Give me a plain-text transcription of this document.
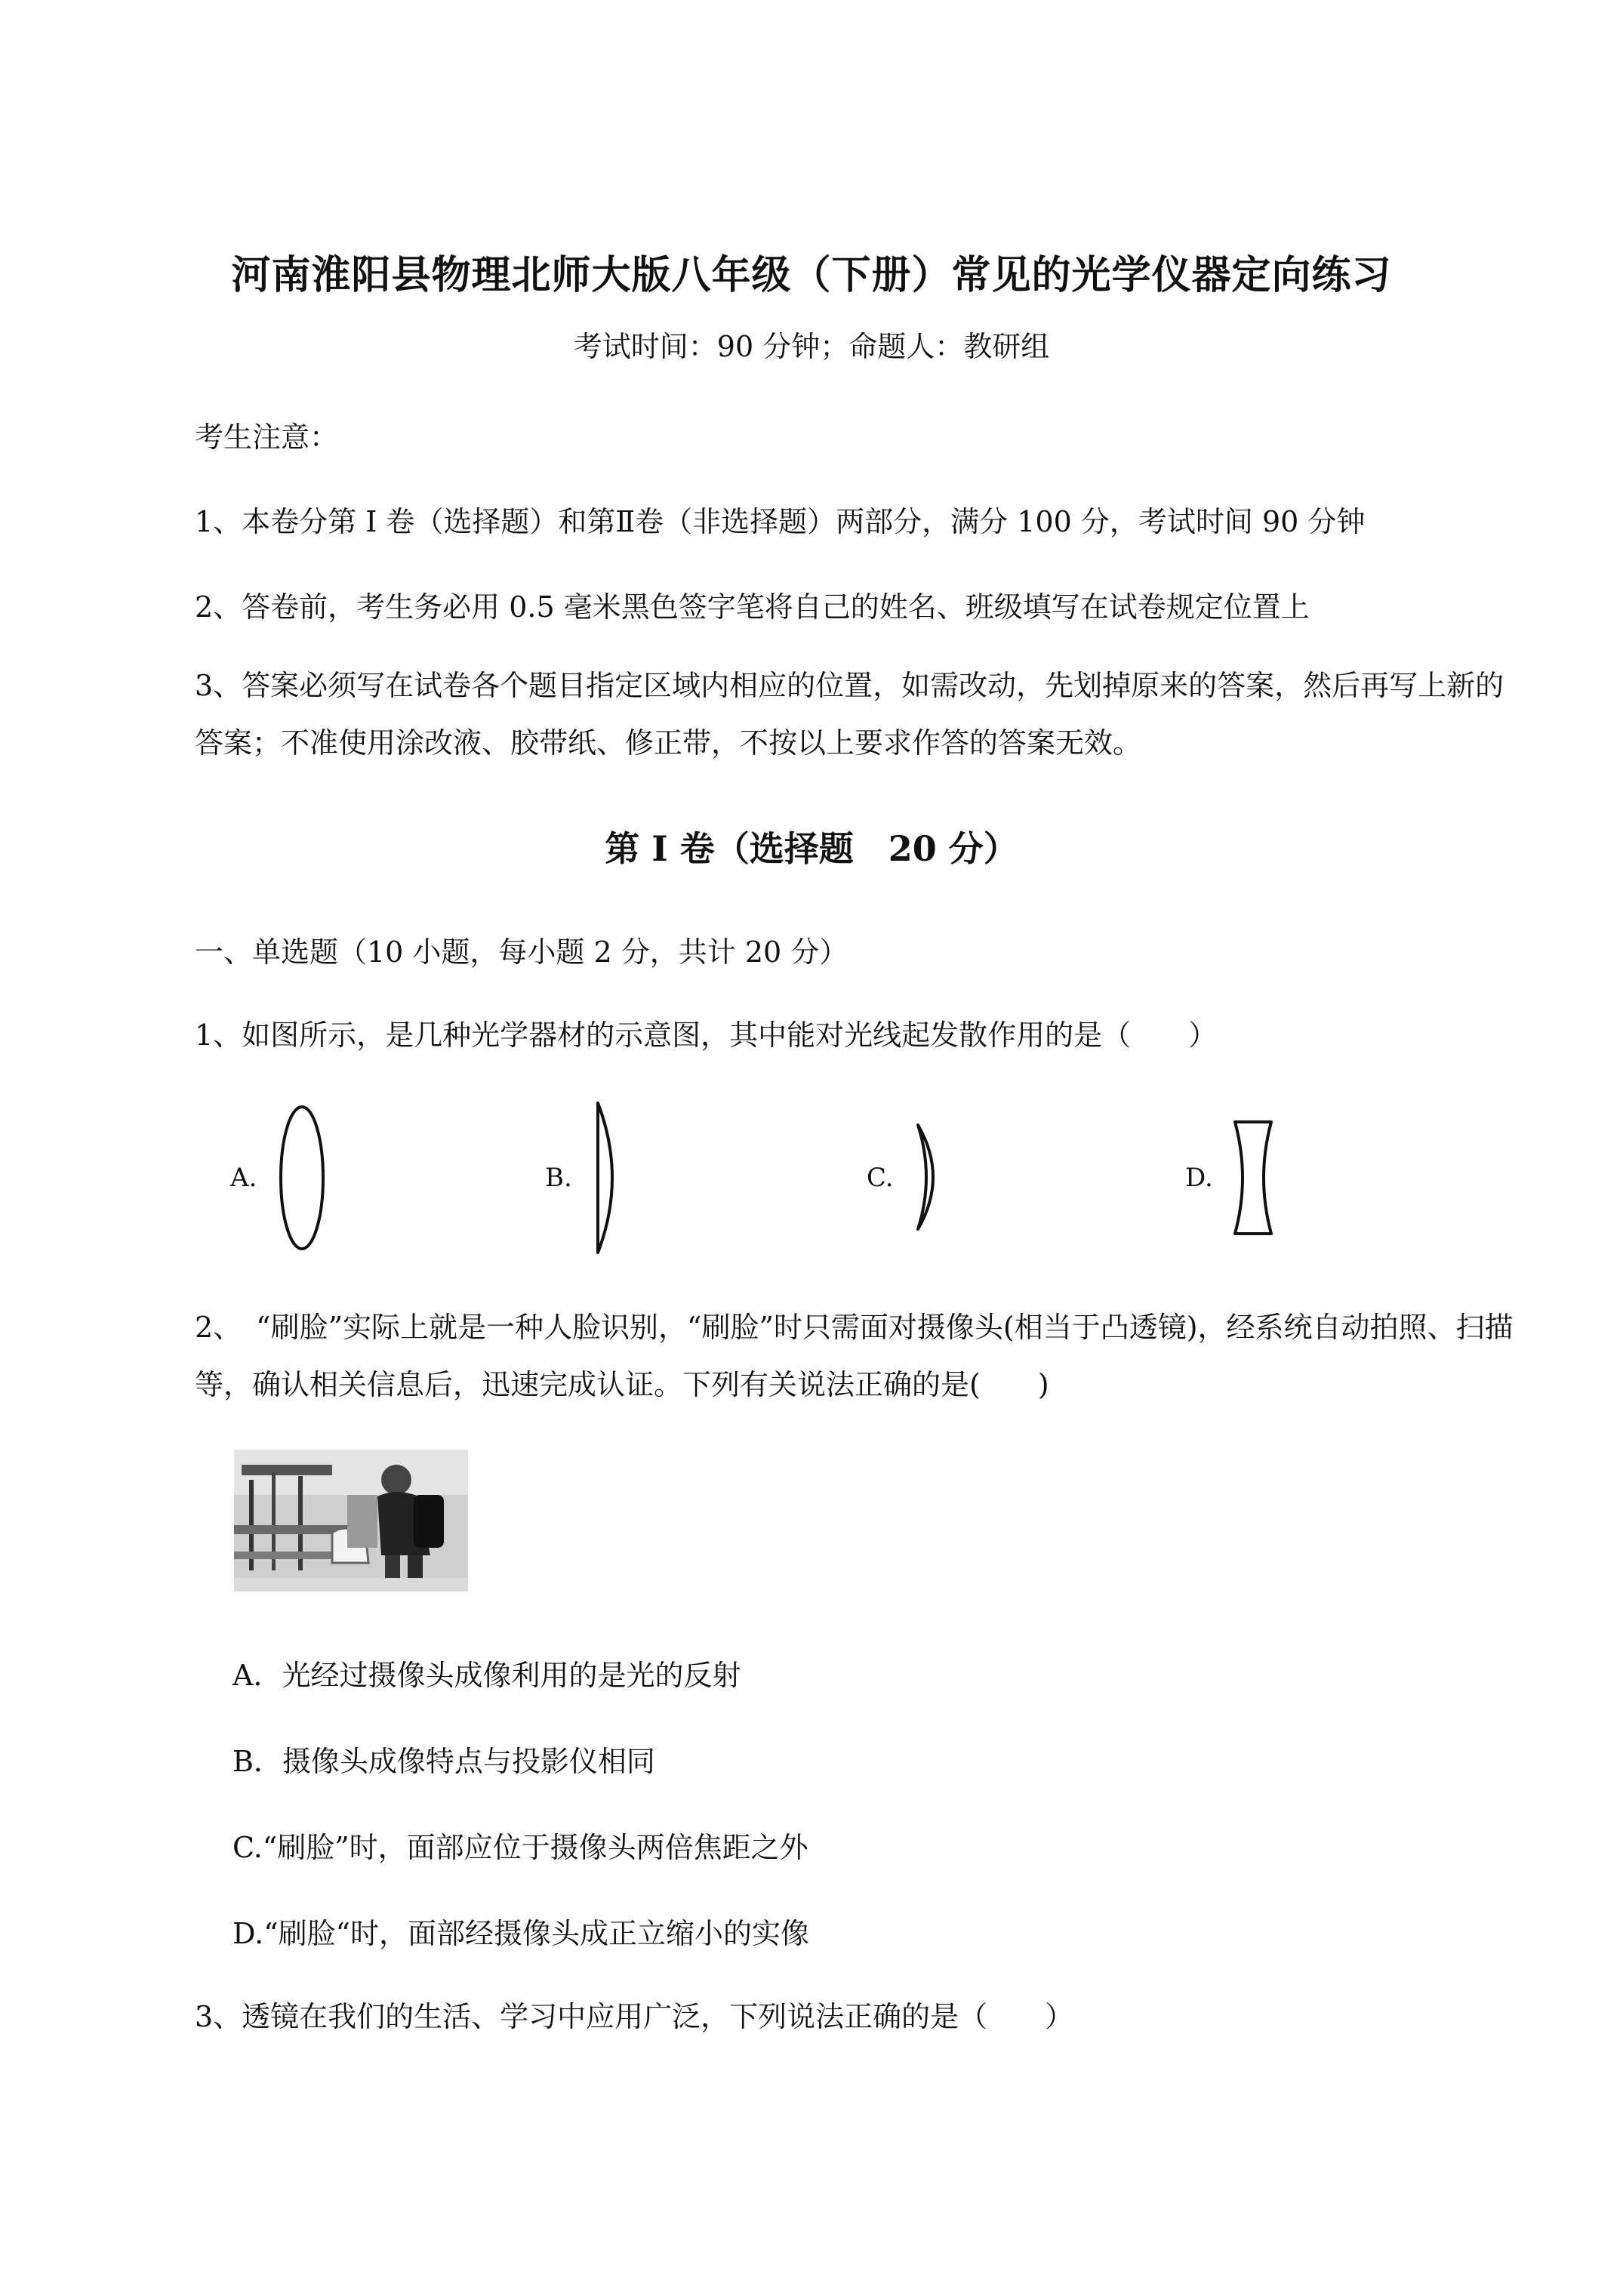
河南淮阳县物理北师大版八年级（下册）常见的光学仪器定向练习
考试时间：90 分钟；命题人：教研组
考生注意：
1、本卷分第 I 卷（选择题）和第Ⅱ卷（非选择题）两部分，满分 100 分，考试时间 90 分钟
2、答卷前，考生务必用 0.5 毫米黑色签字笔将自己的姓名、班级填写在试卷规定位置上
3、答案必须写在试卷各个题目指定区域内相应的位置，如需改动，先划掉原来的答案，然后再写上新的答案；不准使用涂改液、胶带纸、修正带，不按以上要求作答的答案无效。
第 I 卷（选择题　20 分）
一、单选题（10 小题，每小题 2 分，共计 20 分）
1、如图所示，是几种光学器材的示意图，其中能对光线起发散作用的是（　　）
A.	B.	C.	D.
2、　“刷脸”实际上就是一种人脸识别，“刷脸”时只需面对摄像头(相当于凸透镜)，经系统自动拍照、扫描等，确认相关信息后，迅速完成认证。下列有关说法正确的是(　　)
A．光经过摄像头成像利用的是光的反射
B．摄像头成像特点与投影仪相同
C.“刷脸”时，面部应位于摄像头两倍焦距之外
D.“刷脸“时，面部经摄像头成正立缩小的实像
3、透镜在我们的生活、学习中应用广泛，下列说法正确的是（　　）
